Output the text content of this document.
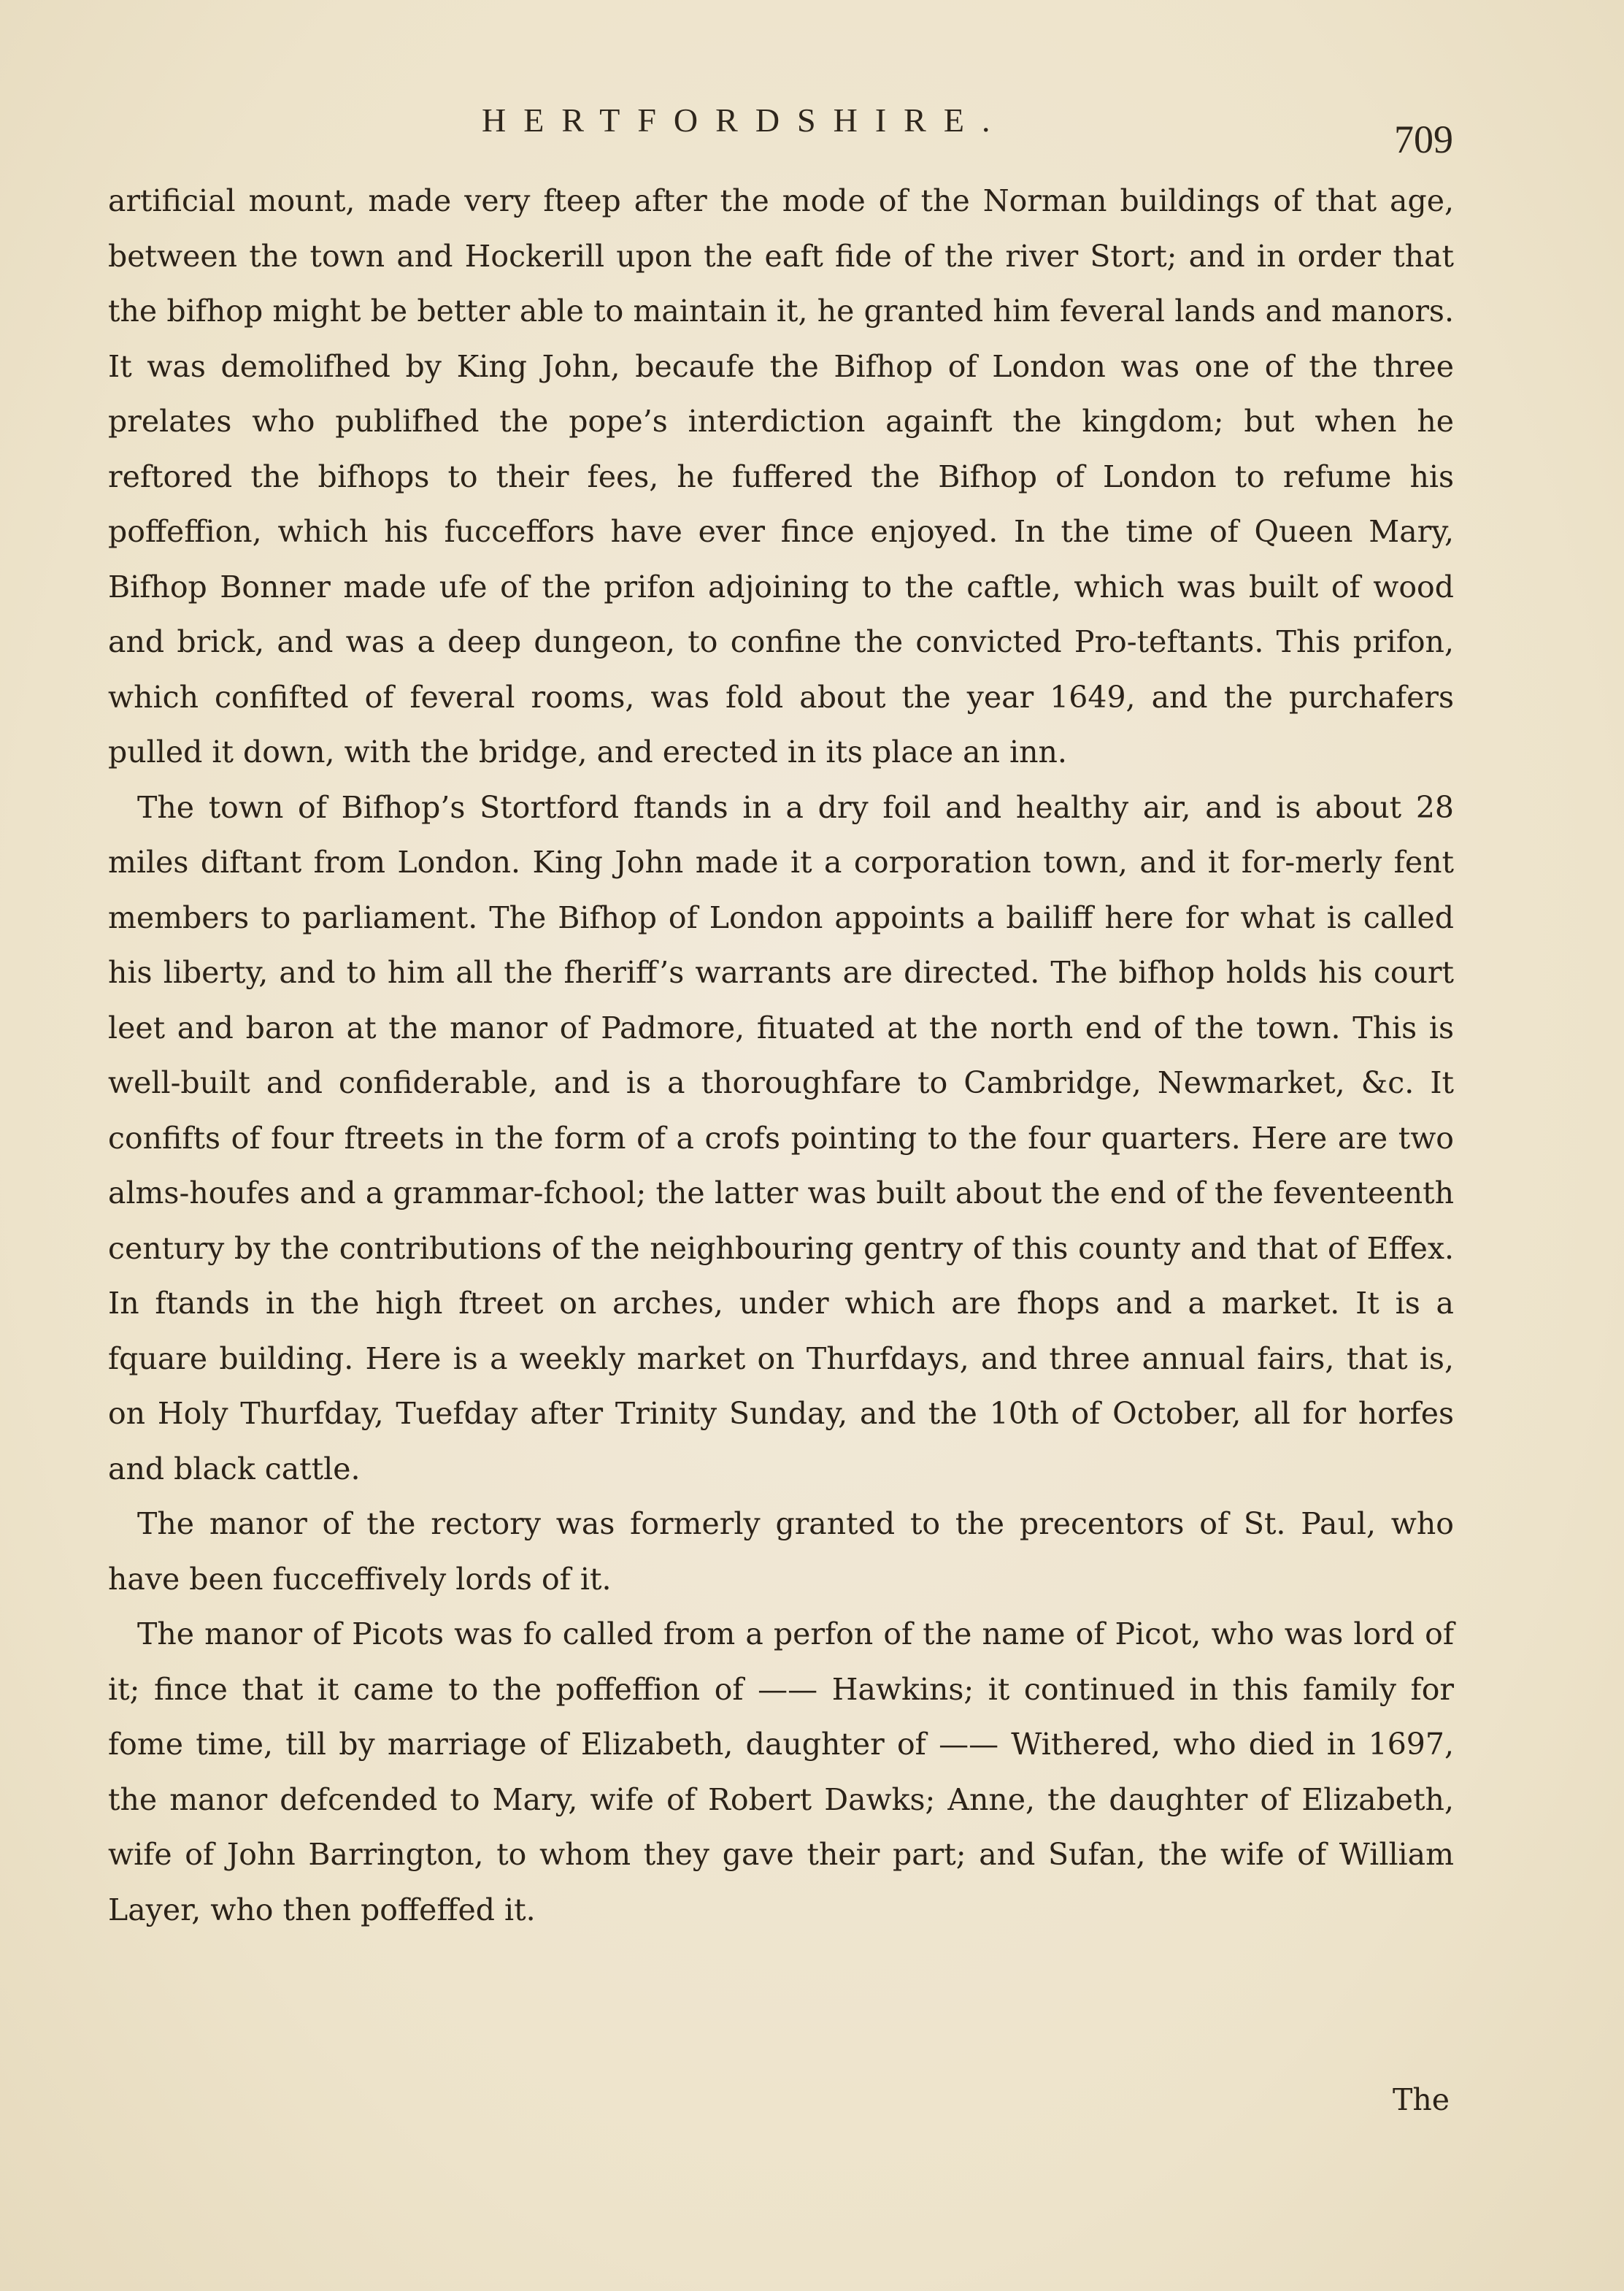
HERTFORDSHIRE.	709

artificial mount, made very fteep after the mode of the Norman buildings of that age, between the town and Hockerill upon the eaft fide of the river Stort; and in order that the bifhop might be better able to maintain it, he granted him feveral lands and manors. It was demolifhed by King John, becaufe the Bifhop of London was one of the three prelates who publifhed the pope’s interdiction againft the kingdom; but when he reftored the bifhops to their fees, he fuffered the Bifhop of London to refume his poffeffion, which his fucceffors have ever fince enjoyed. In the time of Queen Mary, Bifhop Bonner made ufe of the prifon adjoining to the caftle, which was built of wood and brick, and was a deep dungeon, to confine the convicted Pro-teftants. This prifon, which confifted of feveral rooms, was fold about the year 1649, and the purchafers pulled it down, with the bridge, and erected in its place an inn.

The town of Bifhop’s Stortford ftands in a dry foil and healthy air, and is about 28 miles diftant from London. King John made it a corporation town, and it for-merly fent members to parliament. The Bifhop of London appoints a bailiff here for what is called his liberty, and to him all the fheriff’s warrants are directed. The bifhop holds his court leet and baron at the manor of Padmore, fituated at the north end of the town. This is well-built and confiderable, and is a thoroughfare to Cambridge, Newmarket, &c. It confifts of four ftreets in the form of a crofs pointing to the four quarters. Here are two alms-houfes and a grammar-fchool; the latter was built about the end of the feventeenth century by the contributions of the neighbouring gentry of this county and that of Effex. In ftands in the high ftreet on arches, under which are fhops and a market. It is a fquare building. Here is a weekly market on Thurfdays, and three annual fairs, that is, on Holy Thurfday, Tuefday after Trinity Sunday, and the 10th of October, all for horfes and black cattle.

The manor of the rectory was formerly granted to the precentors of St. Paul, who have been fucceffively lords of it.

The manor of Picots was fo called from a perfon of the name of Picot, who was lord of it; fince that it came to the poffeffion of —— Hawkins; it continued in this family for fome time, till by marriage of Elizabeth, daughter of —— Withered, who died in 1697, the manor defcended to Mary, wife of Robert Dawks; Anne, the daughter of Elizabeth, wife of John Barrington, to whom they gave their part; and Sufan, the wife of William Layer, who then poffeffed it.

The
